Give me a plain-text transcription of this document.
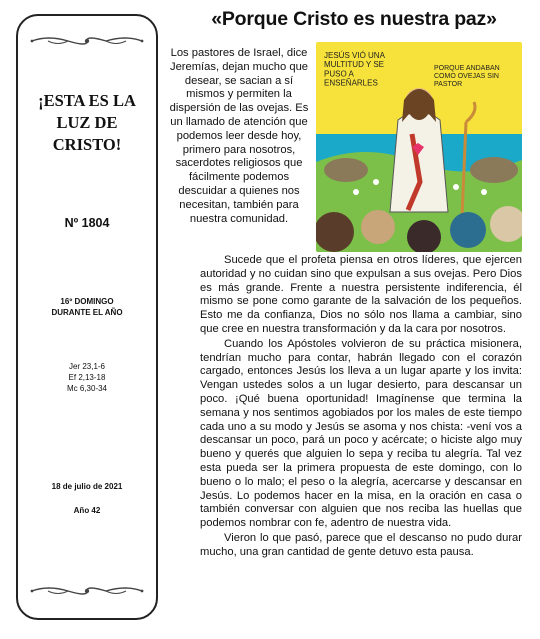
¡ESTA ES LA LUZ DE CRISTO!
Nº 1804
16º DOMINGO DURANTE EL AÑO
Jer 23,1-6
Ef 2,13-18
Mc 6,30-34
18 de julio de 2021
Año 42
«Porque Cristo es nuestra paz»
JESÚS VIÓ UNA MULTITUD Y SE PUSO A ENSEÑARLES
PORQUE ANDABAN COMO OVEJAS SIN PASTOR
Los pastores de Israel, dice Jeremías, dejan mucho que desear, se sacian a sí mismos y permiten la dispersión de las ovejas. Es un llamado de atención que podemos leer desde hoy, primero para nosotros, sacerdotes religiosos que fácilmente podemos descuidar a quienes nos necesitan, también para nuestra comunidad.

Sucede que el profeta piensa en otros líderes, que ejercen autoridad y no cuidan sino que expulsan a sus ovejas. Pero Dios es más grande. Frente a nuestra persistente indiferencia, él mismo se pone como garante de la salvación de los pequeños. Esto me da confianza, Dios no sólo nos llama a cambiar, sino que cree en nuestra transformación y da la cara por nosotros.

Cuando los Apóstoles volvieron de su práctica misionera, tendrían mucho para contar, habrán llegado con el corazón cargado, entonces Jesús los lleva a un lugar aparte y los invita: Vengan ustedes solos a un lugar desierto, para descansar un poco. ¡Qué buena oportunidad! Imagínense que termina la semana y nos sentimos agobiados por los males de este tiempo cada uno a su modo y Jesús se asoma y nos chista: -vení vos a descansar un poco, pará un poco y acércate; o hiciste algo muy bueno y querés que alguien lo sepa y reciba tu alegría. Tal vez esta pueda ser la primera propuesta de este domingo, con lo bueno o lo malo; el peso o la alegría, acercarse y descansar en Jesús. Lo podemos hacer en la misa, en la oración en casa o también conversar con alguien que nos reciba las huellas que podemos nombrar con fe, adentro de nuestra vida.

Vieron lo que pasó, parece que el descanso no pudo durar mucho, una gran cantidad de gente detuvo esta pausa.
